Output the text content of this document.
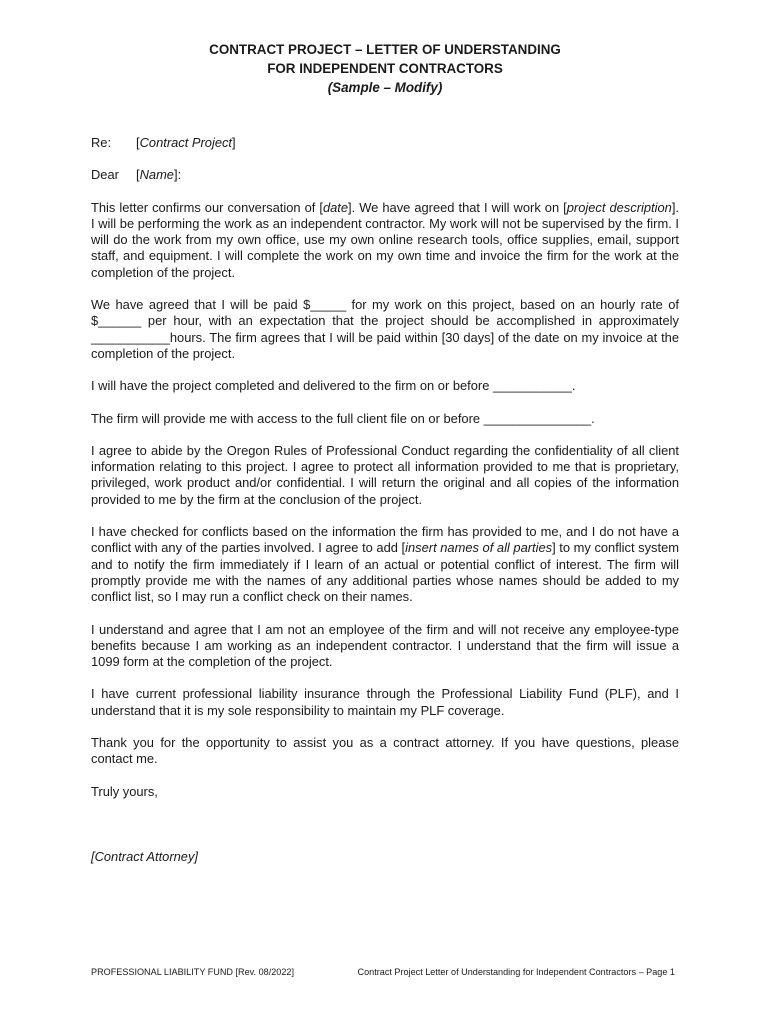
CONTRACT PROJECT – LETTER OF UNDERSTANDING
FOR INDEPENDENT CONTRACTORS
(Sample – Modify)

Re: [Contract Project]

Dear [Name]:

This letter confirms our conversation of [date]. We have agreed that I will work on [project description]. I will be performing the work as an independent contractor. My work will not be supervised by the firm. I will do the work from my own office, use my own online research tools, office supplies, email, support staff, and equipment. I will complete the work on my own time and invoice the firm for the work at the completion of the project.

We have agreed that I will be paid $_____ for my work on this project, based on an hourly rate of $______ per hour, with an expectation that the project should be accomplished in approximately ___________hours. The firm agrees that I will be paid within [30 days] of the date on my invoice at the completion of the project.

I will have the project completed and delivered to the firm on or before ___________.

The firm will provide me with access to the full client file on or before _______________.

I agree to abide by the Oregon Rules of Professional Conduct regarding the confidentiality of all client information relating to this project. I agree to protect all information provided to me that is proprietary, privileged, work product and/or confidential. I will return the original and all copies of the information provided to me by the firm at the conclusion of the project.

I have checked for conflicts based on the information the firm has provided to me, and I do not have a conflict with any of the parties involved. I agree to add [insert names of all parties] to my conflict system and to notify the firm immediately if I learn of an actual or potential conflict of interest. The firm will promptly provide me with the names of any additional parties whose names should be added to my conflict list, so I may run a conflict check on their names.

I understand and agree that I am not an employee of the firm and will not receive any employee-type benefits because I am working as an independent contractor. I understand that the firm will issue a 1099 form at the completion of the project.

I have current professional liability insurance through the Professional Liability Fund (PLF), and I understand that it is my sole responsibility to maintain my PLF coverage.

Thank you for the opportunity to assist you as a contract attorney. If you have questions, please contact me.

Truly yours,

[Contract Attorney]
PROFESSIONAL LIABILITY FUND [Rev. 08/2022]	Contract Project Letter of Understanding for Independent Contractors – Page 1
